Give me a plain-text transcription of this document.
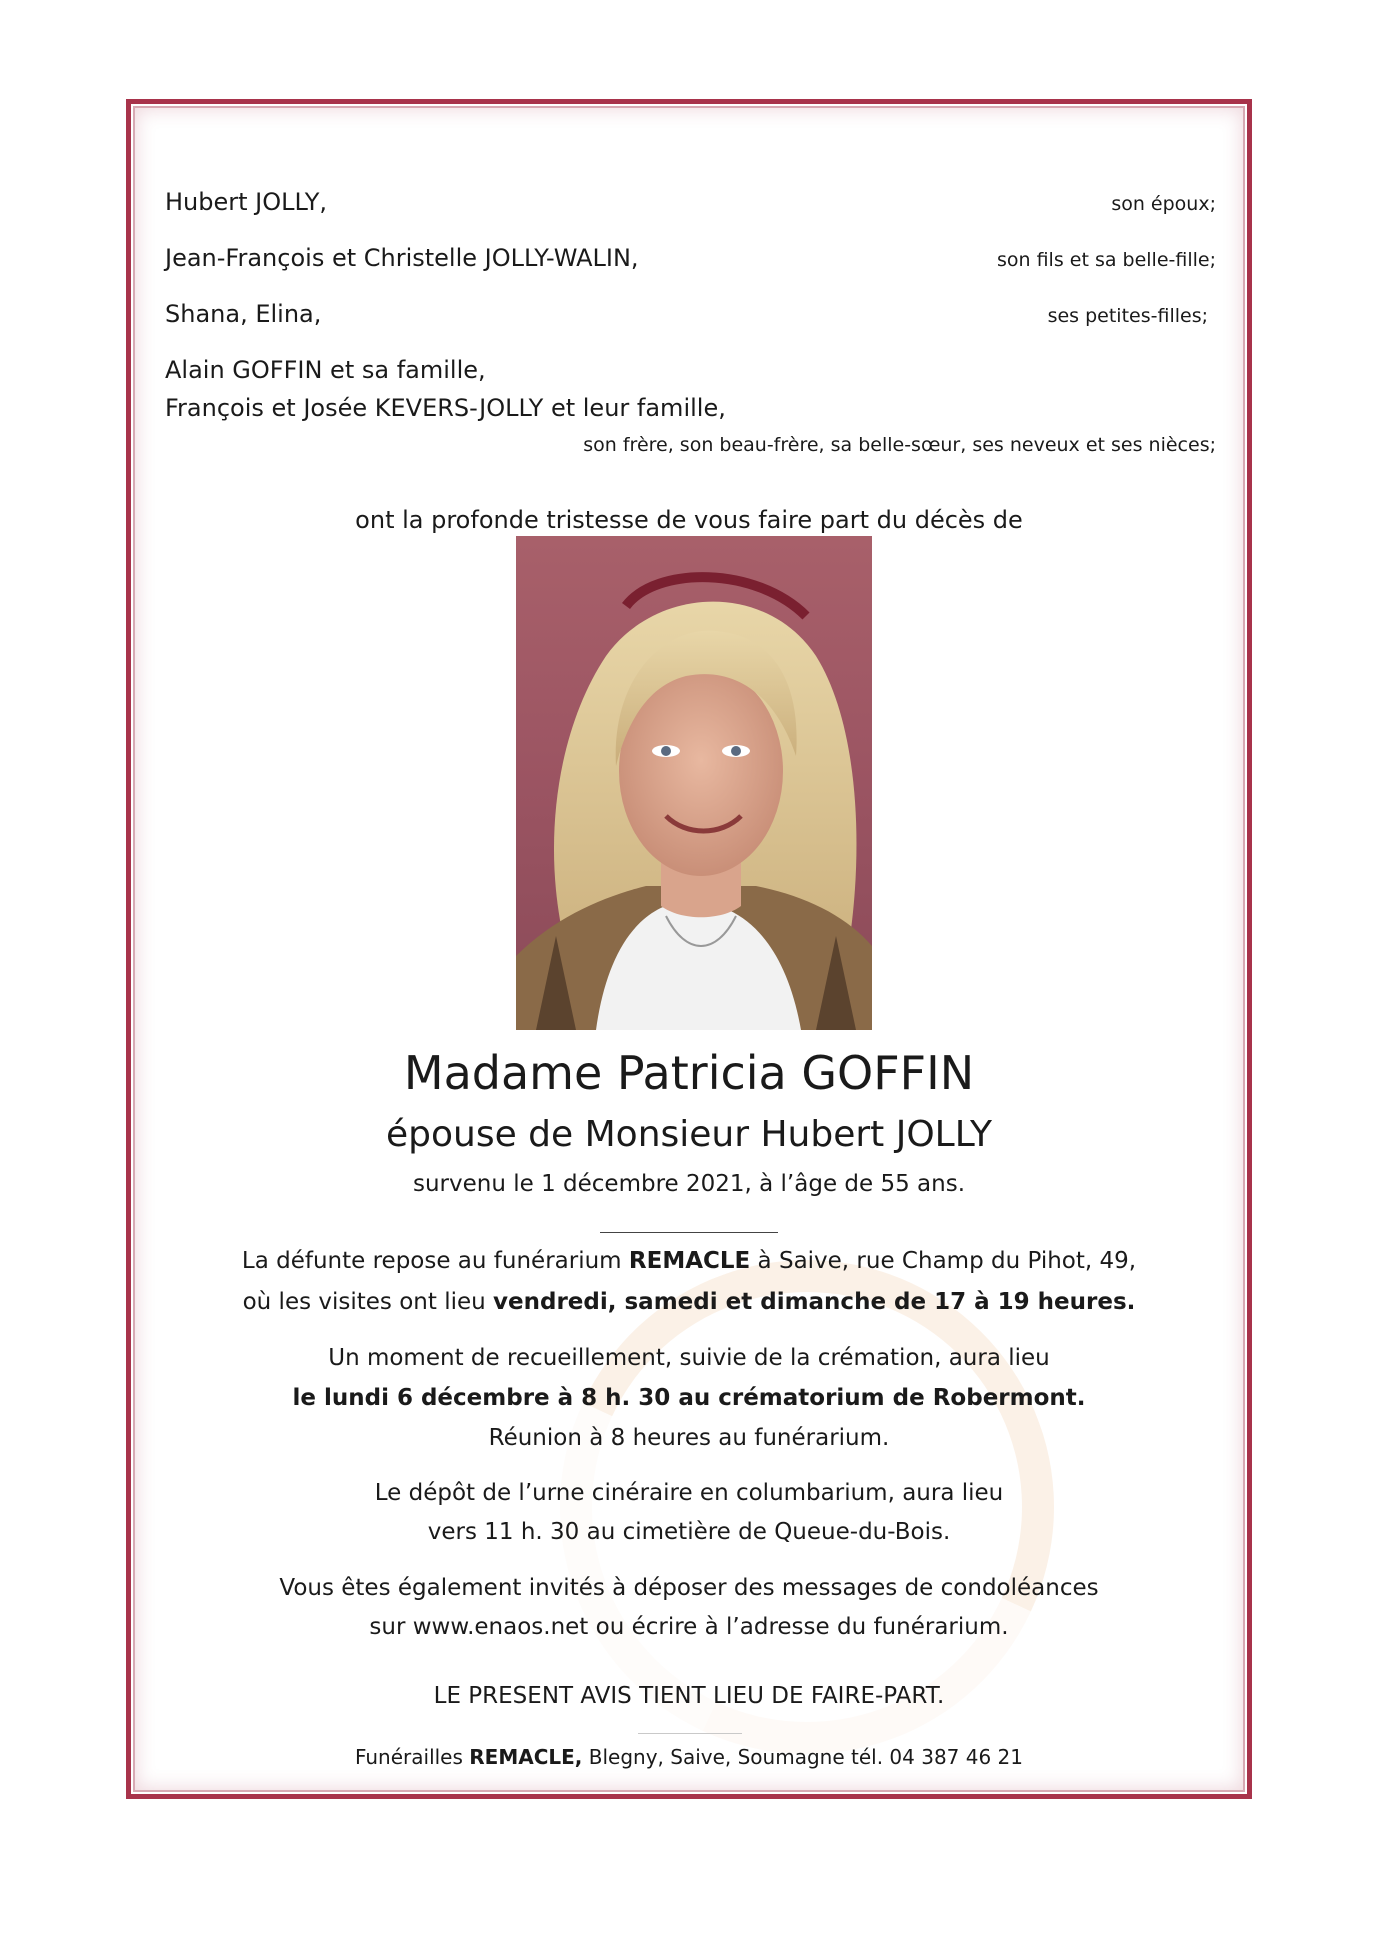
Hubert JOLLY,	son époux;
Jean-François et Christelle JOLLY-WALIN,	son fils et sa belle-fille;
Shana, Elina,	ses petites-filles;
Alain GOFFIN et sa famille,
François et Josée KEVERS-JOLLY et leur famille,
son frère, son beau-frère, sa belle-sœur, ses neveux et ses nièces;
ont la profonde tristesse de vous faire part du décès de
Madame Patricia GOFFIN
épouse de Monsieur Hubert JOLLY
survenu le 1 décembre 2021, à l’âge de 55 ans.
La défunte repose au funérarium REMACLE à Saive, rue Champ du Pihot, 49,
où les visites ont lieu vendredi, samedi et dimanche de 17 à 19 heures.
Un moment de recueillement, suivie de la crémation, aura lieu
le lundi 6 décembre à 8 h. 30 au crématorium de Robermont.
Réunion à 8 heures au funérarium.
Le dépôt de l’urne cinéraire en columbarium, aura lieu
vers 11 h. 30 au cimetière de Queue-du-Bois.
Vous êtes également invités à déposer des messages de condoléances
sur www.enaos.net ou écrire à l’adresse du funérarium.
LE PRESENT AVIS TIENT LIEU DE FAIRE-PART.
Funérailles REMACLE, Blegny, Saive, Soumagne tél. 04 387 46 21
